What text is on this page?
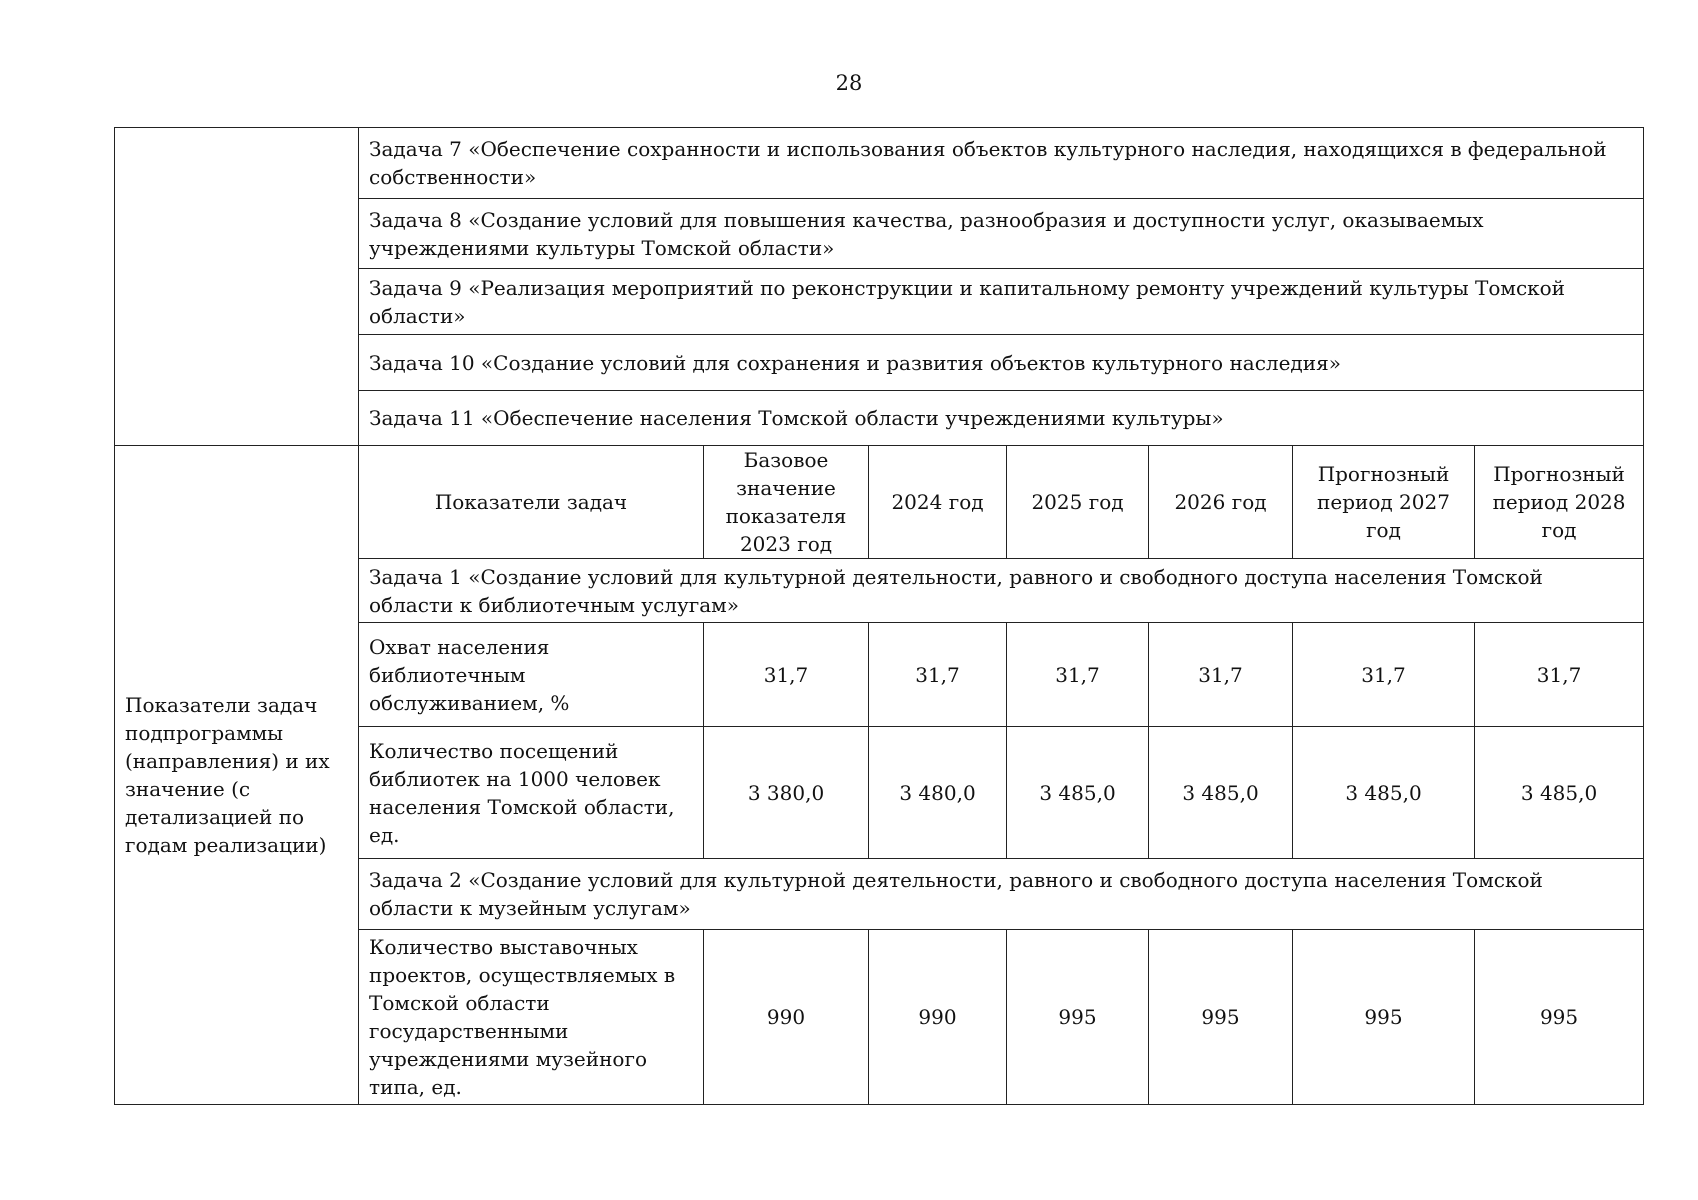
28
	Задача 7 «Обеспечение сохранности и использования объектов культурного наследия, находящихся в федеральной собственности»						
	Задача 8 «Создание условий для повышения качества, разнообразия и доступности услуг, оказываемых учреждениями культуры Томской области»						
	Задача 9 «Реализация мероприятий по реконструкции и капитальному ремонту учреждений культуры Томской области»						
	Задача 10 «Создание условий для сохранения и развития объектов культурного наследия»						
	Задача 11 «Обеспечение населения Томской области учреждениями культуры»						
Показатели задач подпрограммы (направления) и их значение (с детализацией по годам реализации)	Показатели задач	Базовое значение показателя 2023 год	2024 год	2025 год	2026 год	Прогнозный период 2027 год	Прогнозный период 2028 год
	Задача 1 «Создание условий для культурной деятельности, равного и свободного доступа населения Томской области к библиотечным услугам»						
	Охват населения библиотечным обслуживанием, %	31,7	31,7	31,7	31,7	31,7	31,7
	Количество посещений библиотек на 1000 человек населения Томской области, ед.	3 380,0	3 480,0	3 485,0	3 485,0	3 485,0	3 485,0
	Задача 2 «Создание условий для культурной деятельности, равного и свободного доступа населения Томской области к музейным услугам»						
	Количество выставочных проектов, осуществляемых в Томской области государственными учреждениями музейного типа, ед.	990	990	995	995	995	995
